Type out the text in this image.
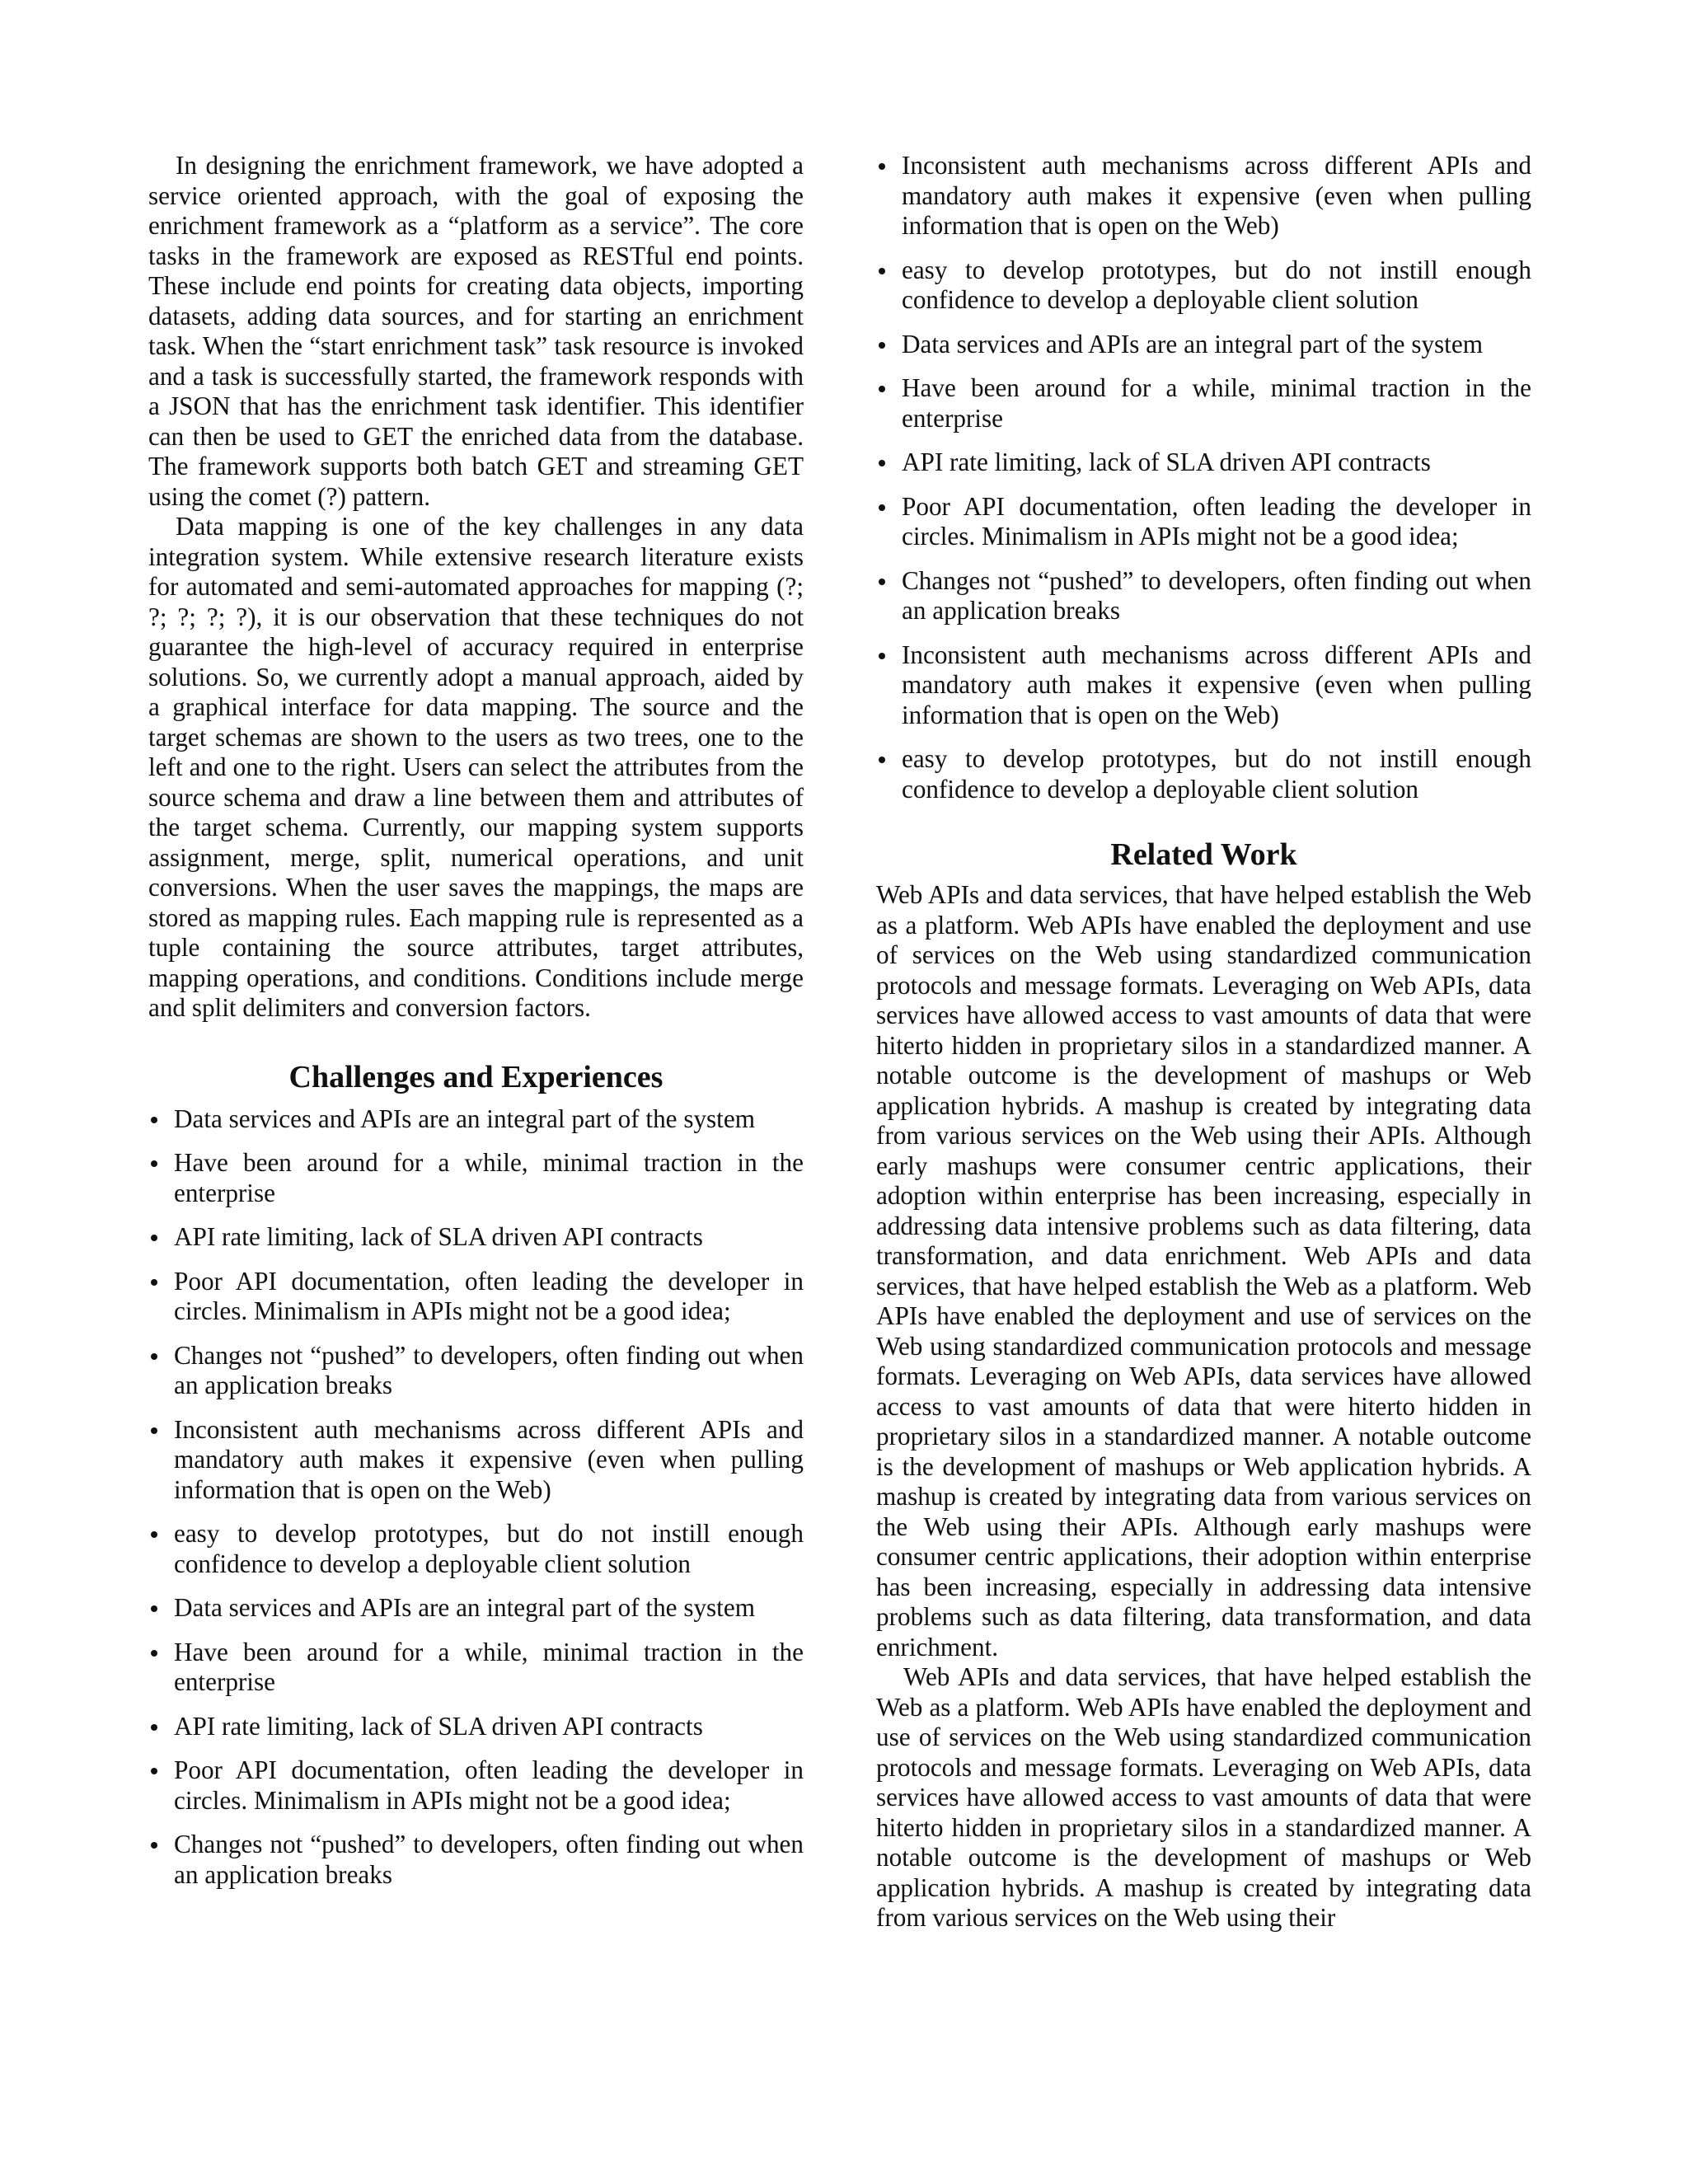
In designing the enrichment framework, we have adopted a service oriented approach, with the goal of exposing the enrichment framework as a “platform as a service”. The core tasks in the framework are exposed as RESTful end points. These include end points for creating data objects, importing datasets, adding data sources, and for starting an enrichment task. When the “start enrichment task” task resource is invoked and a task is successfully started, the framework responds with a JSON that has the enrichment task identifier. This identifier can then be used to GET the enriched data from the database. The framework supports both batch GET and streaming GET using the comet (?) pattern.

Data mapping is one of the key challenges in any data integration system. While extensive research literature exists for automated and semi-automated approaches for mapping (?; ?; ?; ?; ?), it is our observation that these techniques do not guarantee the high-level of accuracy required in enterprise solutions. So, we currently adopt a manual approach, aided by a graphical interface for data mapping. The source and the target schemas are shown to the users as two trees, one to the left and one to the right. Users can select the attributes from the source schema and draw a line between them and attributes of the target schema. Currently, our mapping system supports assignment, merge, split, numerical operations, and unit conversions. When the user saves the mappings, the maps are stored as mapping rules. Each mapping rule is represented as a tuple containing the source attributes, target attributes, mapping operations, and conditions. Conditions include merge and split delimiters and conversion factors.

Challenges and Experiences
Data services and APIs are an integral part of the system
Have been around for a while, minimal traction in the enterprise
API rate limiting, lack of SLA driven API contracts
Poor API documentation, often leading the developer in circles. Minimalism in APIs might not be a good idea;
Changes not “pushed” to developers, often finding out when an application breaks
Inconsistent auth mechanisms across different APIs and mandatory auth makes it expensive (even when pulling information that is open on the Web)
easy to develop prototypes, but do not instill enough confidence to develop a deployable client solution
Data services and APIs are an integral part of the system
Have been around for a while, minimal traction in the enterprise
API rate limiting, lack of SLA driven API contracts
Poor API documentation, often leading the developer in circles. Minimalism in APIs might not be a good idea;
Changes not “pushed” to developers, often finding out when an application breaks
Inconsistent auth mechanisms across different APIs and mandatory auth makes it expensive (even when pulling information that is open on the Web)
easy to develop prototypes, but do not instill enough confidence to develop a deployable client solution
Data services and APIs are an integral part of the system
Have been around for a while, minimal traction in the enterprise
API rate limiting, lack of SLA driven API contracts
Poor API documentation, often leading the developer in circles. Minimalism in APIs might not be a good idea;
Changes not “pushed” to developers, often finding out when an application breaks
Inconsistent auth mechanisms across different APIs and mandatory auth makes it expensive (even when pulling information that is open on the Web)
easy to develop prototypes, but do not instill enough confidence to develop a deployable client solution
Related Work

Web APIs and data services, that have helped establish the Web as a platform. Web APIs have enabled the deployment and use of services on the Web using standardized communication protocols and message formats. Leveraging on Web APIs, data services have allowed access to vast amounts of data that were hiterto hidden in proprietary silos in a standardized manner. A notable outcome is the development of mashups or Web application hybrids. A mashup is created by integrating data from various services on the Web using their APIs. Although early mashups were consumer centric applications, their adoption within enterprise has been increasing, especially in addressing data intensive problems such as data filtering, data transformation, and data enrichment. Web APIs and data services, that have helped establish the Web as a platform. Web APIs have enabled the deployment and use of services on the Web using standardized communication protocols and message formats. Leveraging on Web APIs, data services have allowed access to vast amounts of data that were hiterto hidden in proprietary silos in a standardized manner. A notable outcome is the development of mashups or Web application hybrids. A mashup is created by integrating data from various services on the Web using their APIs. Although early mashups were consumer centric applications, their adoption within enterprise has been increasing, especially in addressing data intensive problems such as data filtering, data transformation, and data enrichment.

Web APIs and data services, that have helped establish the Web as a platform. Web APIs have enabled the deployment and use of services on the Web using standardized communication protocols and message formats. Leveraging on Web APIs, data services have allowed access to vast amounts of data that were hiterto hidden in proprietary silos in a standardized manner. A notable outcome is the development of mashups or Web application hybrids. A mashup is created by integrating data from various services on the Web using their
